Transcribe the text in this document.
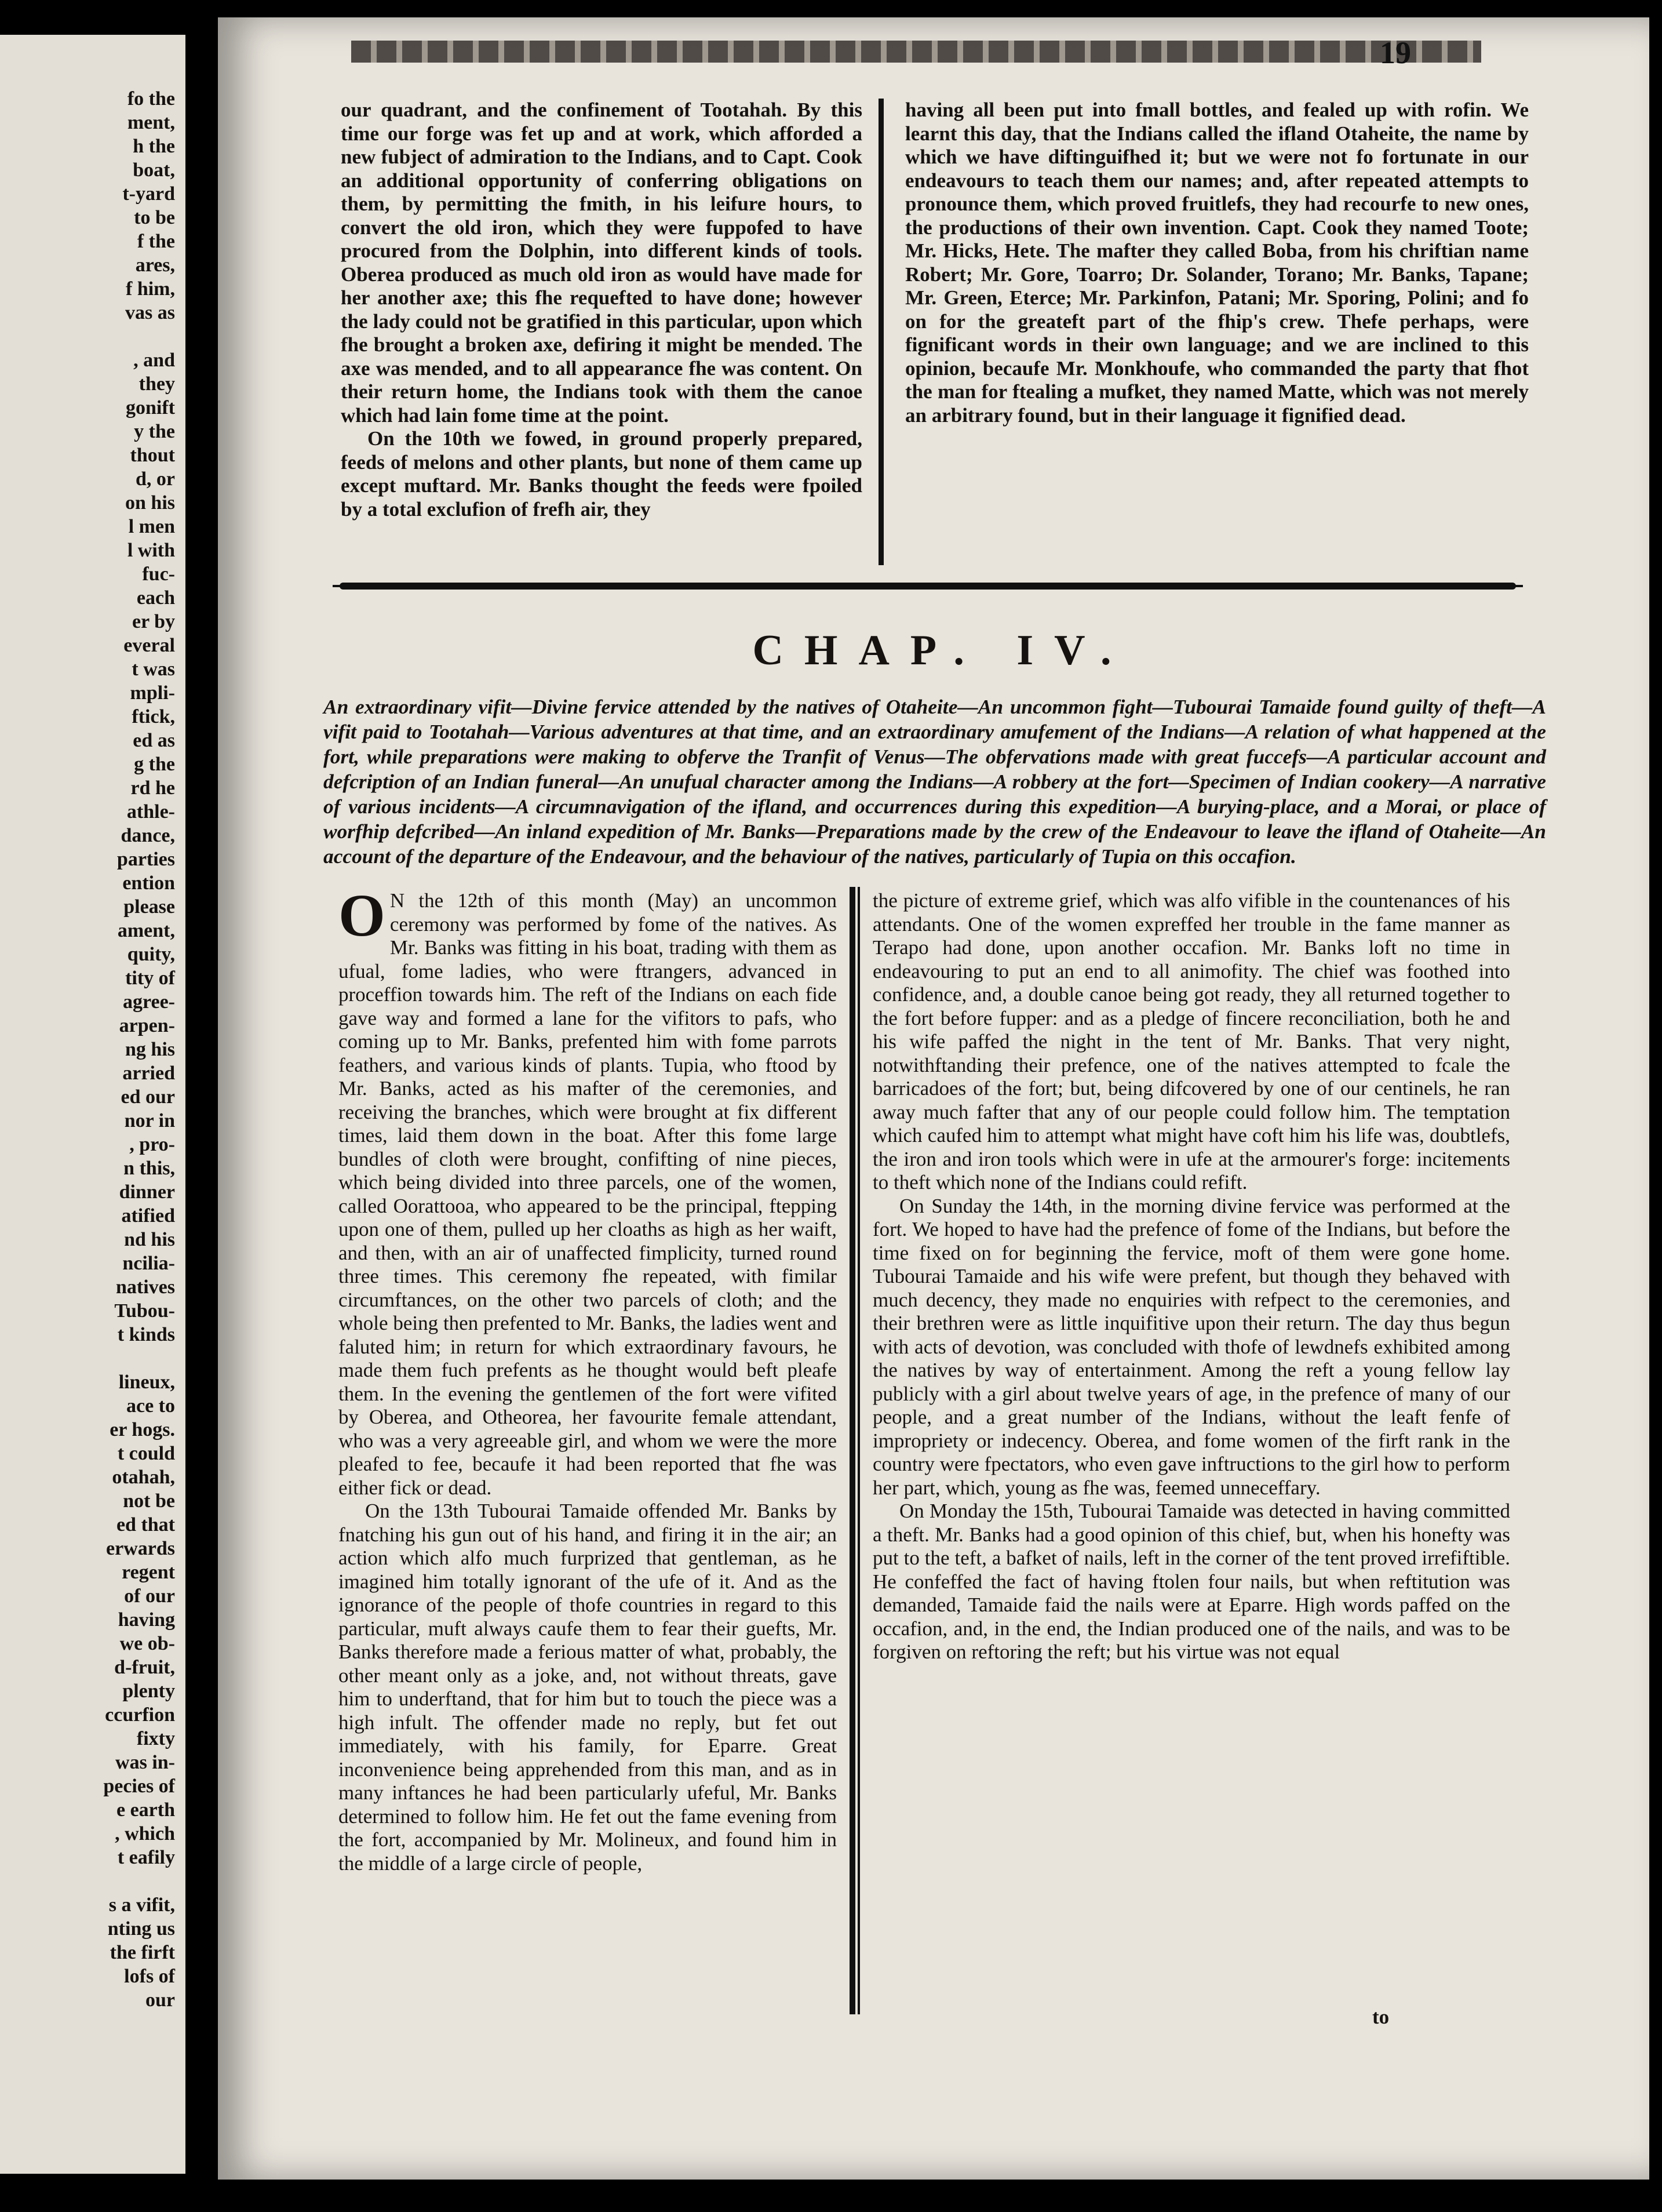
fo the
ment,
h the
boat,
t-yard
to be
f the
ares,
f him,
vas as
, and
they
gonift
y the
thout
d, or
on his
l men
l with
fuc-
each
er by
everal
t was
mpli-
ftick,
ed as
g the
rd he
athle-
dance,
parties
ention
please
ament,
quity,
tity of
agree-
arpen-
ng his
arried
ed our
nor in
, pro-
n this,
dinner
atified
nd his
ncilia-
natives
Tubou-
t kinds
lineux,
ace to
er hogs.
t could
otahah,
not be
ed that
erwards
regent
of our
having
we ob-
d-fruit,
plenty
ccurfion
fixty
was in-
pecies of
e earth
, which
t eafily
s a vifit,
nting us
the firft
lofs of
our
19

our quadrant, and the confinement of Tootahah. By this time our forge was fet up and at work, which afforded a new fubject of admiration to the Indians, and to Capt. Cook an additional opportunity of conferring obligations on them, by permitting the fmith, in his leifure hours, to convert the old iron, which they were fuppofed to have procured from the Dolphin, into different kinds of tools. Oberea produced as much old iron as would have made for her another axe; this fhe requefted to have done; however the lady could not be gratified in this particular, upon which fhe brought a broken axe, defiring it might be mended. The axe was mended, and to all appearance fhe was content. On their return home, the Indians took with them the canoe which had lain fome time at the point.

On the 10th we fowed, in ground properly prepared, feeds of melons and other plants, but none of them came up except muftard. Mr. Banks thought the feeds were fpoiled by a total exclufion of frefh air, they

having all been put into fmall bottles, and fealed up with rofin. We learnt this day, that the Indians called the ifland Otaheite, the name by which we have diftinguifhed it; but we were not fo fortunate in our endeavours to teach them our names; and, after repeated attempts to pronounce them, which proved fruitlefs, they had recourfe to new ones, the productions of their own invention. Capt. Cook they named Toote; Mr. Hicks, Hete. The mafter they called Boba, from his chriftian name Robert; Mr. Gore, Toarro; Dr. Solander, Torano; Mr. Banks, Tapane; Mr. Green, Eterce; Mr. Parkinfon, Patani; Mr. Sporing, Polini; and fo on for the greateft part of the fhip's crew. Thefe perhaps, were fignificant words in their own language; and we are inclined to this opinion, becaufe Mr. Monkhoufe, who commanded the party that fhot the man for ftealing a mufket, they named Matte, which was not merely an arbitrary found, but in their language it fignified dead.

CHAP. IV.
An extraordinary vifit—Divine fervice attended by the natives of Otaheite—An uncommon fight—Tubourai Tamaide found guilty of theft—A vifit paid to Tootahah—Various adventures at that time, and an extraordinary amufement of the Indians—A relation of what happened at the fort, while preparations were making to obferve the Tranfit of Venus—The obfervations made with great fuccefs—A particular account and defcription of an Indian funeral—An unufual character among the Indians—A robbery at the fort—Specimen of Indian cookery—A narrative of various incidents—A circumnavigation of the ifland, and occurrences during this expedition—A burying-place, and a Morai, or place of worfhip defcribed—An inland expedition of Mr. Banks—Preparations made by the crew of the Endeavour to leave the ifland of Otaheite—An account of the departure of the Endeavour, and the behaviour of the natives, particularly of Tupia on this occafion.

ON the 12th of this month (May) an uncommon ceremony was performed by fome of the natives. As Mr. Banks was fitting in his boat, trading with them as ufual, fome ladies, who were ftrangers, advanced in proceffion towards him. The reft of the Indians on each fide gave way and formed a lane for the vifitors to pafs, who coming up to Mr. Banks, prefented him with fome parrots feathers, and various kinds of plants. Tupia, who ftood by Mr. Banks, acted as his mafter of the ceremonies, and receiving the branches, which were brought at fix different times, laid them down in the boat. After this fome large bundles of cloth were brought, confifting of nine pieces, which being divided into three parcels, one of the women, called Oorattooa, who appeared to be the principal, ftepping upon one of them, pulled up her cloaths as high as her waift, and then, with an air of unaffected fimplicity, turned round three times. This ceremony fhe repeated, with fimilar circumftances, on the other two parcels of cloth; and the whole being then prefented to Mr. Banks, the ladies went and faluted him; in return for which extraordinary favours, he made them fuch prefents as he thought would beft pleafe them. In the evening the gentlemen of the fort were vifited by Oberea, and Otheorea, her favourite female attendant, who was a very agreeable girl, and whom we were the more pleafed to fee, becaufe it had been reported that fhe was either fick or dead.

On the 13th Tubourai Tamaide offended Mr. Banks by fnatching his gun out of his hand, and firing it in the air; an action which alfo much furprized that gentleman, as he imagined him totally ignorant of the ufe of it. And as the ignorance of the people of thofe countries in regard to this particular, muft always caufe them to fear their guefts, Mr. Banks therefore made a ferious matter of what, probably, the other meant only as a joke, and, not without threats, gave him to underftand, that for him but to touch the piece was a high infult. The offender made no reply, but fet out immediately, with his family, for Eparre. Great inconvenience being apprehended from this man, and as in many inftances he had been particularly ufeful, Mr. Banks determined to follow him. He fet out the fame evening from the fort, accompanied by Mr. Molineux, and found him in the middle of a large circle of people,

the picture of extreme grief, which was alfo vifible in the countenances of his attendants. One of the women expreffed her trouble in the fame manner as Terapo had done, upon another occafion. Mr. Banks loft no time in endeavouring to put an end to all animofity. The chief was foothed into confidence, and, a double canoe being got ready, they all returned together to the fort before fupper: and as a pledge of fincere reconciliation, both he and his wife paffed the night in the tent of Mr. Banks. That very night, notwithftanding their prefence, one of the natives attempted to fcale the barricadoes of the fort; but, being difcovered by one of our centinels, he ran away much fafter that any of our people could follow him. The temptation which caufed him to attempt what might have coft him his life was, doubtlefs, the iron and iron tools which were in ufe at the armourer's forge: incitements to theft which none of the Indians could refift.

On Sunday the 14th, in the morning divine fervice was performed at the fort. We hoped to have had the prefence of fome of the Indians, but before the time fixed on for beginning the fervice, moft of them were gone home. Tubourai Tamaide and his wife were prefent, but though they behaved with much decency, they made no enquiries with refpect to the ceremonies, and their brethren were as little inquifitive upon their return. The day thus begun with acts of devotion, was concluded with thofe of lewdnefs exhibited among the natives by way of entertainment. Among the reft a young fellow lay publicly with a girl about twelve years of age, in the prefence of many of our people, and a great number of the Indians, without the leaft fenfe of impropriety or indecency. Oberea, and fome women of the firft rank in the country were fpectators, who even gave inftructions to the girl how to perform her part, which, young as fhe was, feemed unneceffary.

On Monday the 15th, Tubourai Tamaide was detected in having committed a theft. Mr. Banks had a good opinion of this chief, but, when his honefty was put to the teft, a bafket of nails, left in the corner of the tent proved irrefiftible. He confeffed the fact of having ftolen four nails, but when reftitution was demanded, Tamaide faid the nails were at Eparre. High words paffed on the occafion, and, in the end, the Indian produced one of the nails, and was to be forgiven on reftoring the reft; but his virtue was not equal

to
